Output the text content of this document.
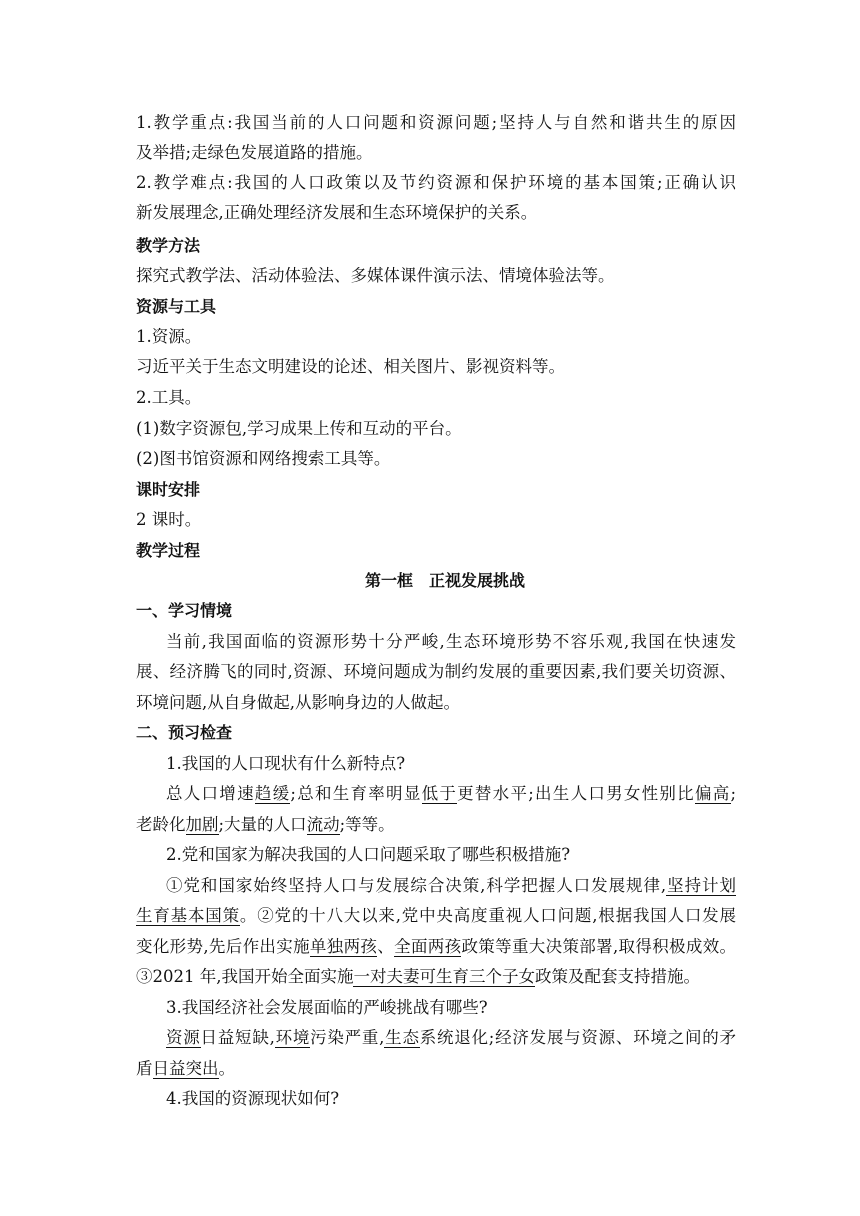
1.教学重点:我国当前的人口问题和资源问题;坚持人与自然和谐共生的原因
及举措;走绿色发展道路的措施。
2.教学难点:我国的人口政策以及节约资源和保护环境的基本国策;正确认识
新发展理念,正确处理经济发展和生态环境保护的关系。
教学方法
探究式教学法、活动体验法、多媒体课件演示法、情境体验法等。
资源与工具
1.资源。
习近平关于生态文明建设的论述、相关图片、影视资料等。
2.工具。
(1)数字资源包,学习成果上传和互动的平台。
(2)图书馆资源和网络搜索工具等。
课时安排
2 课时。
教学过程
第一框　正视发展挑战
一、学习情境
当前,我国面临的资源形势十分严峻,生态环境形势不容乐观,我国在快速发
展、经济腾飞的同时,资源、环境问题成为制约发展的重要因素,我们要关切资源、
环境问题,从自身做起,从影响身边的人做起。
二、预习检查
1.我国的人口现状有什么新特点?
总人口增速趋缓;总和生育率明显低于更替水平;出生人口男女性别比偏高;
老龄化加剧;大量的人口流动;等等。
2.党和国家为解决我国的人口问题采取了哪些积极措施?
①党和国家始终坚持人口与发展综合决策,科学把握人口发展规律,坚持计划
生育基本国策。②党的十八大以来,党中央高度重视人口问题,根据我国人口发展
变化形势,先后作出实施单独两孩、全面两孩政策等重大决策部署,取得积极成效。
③2021 年,我国开始全面实施一对夫妻可生育三个子女政策及配套支持措施。
3.我国经济社会发展面临的严峻挑战有哪些?
资源日益短缺,环境污染严重,生态系统退化;经济发展与资源、环境之间的矛
盾日益突出。
4.我国的资源现状如何?
